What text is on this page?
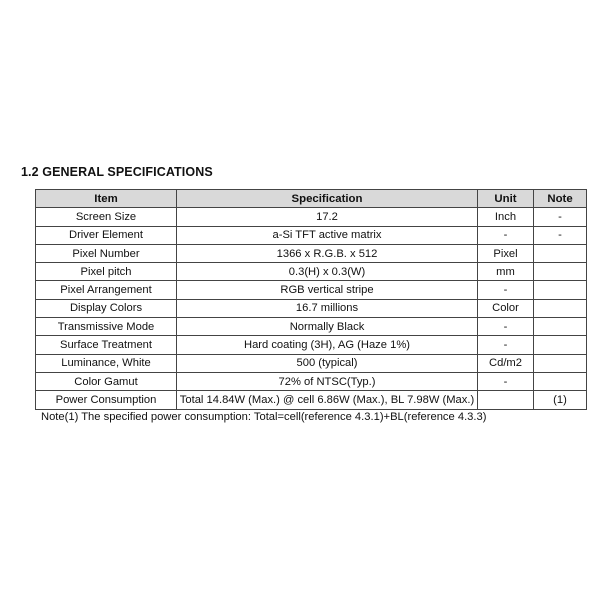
1.2 GENERAL SPECIFICATIONS
Item	Specification	Unit	Note
Screen Size	17.2	Inch	-
Driver Element	a-Si TFT active matrix	-	-
Pixel Number	1366 x R.G.B. x 512	Pixel	
Pixel pitch	0.3(H) x 0.3(W)	mm	
Pixel Arrangement	RGB vertical stripe	-	
Display Colors	16.7 millions	Color	
Transmissive Mode	Normally Black	-	
Surface Treatment	Hard coating (3H), AG (Haze 1%)	-	
Luminance, White	500 (typical)	Cd/m2	
Color Gamut	72% of NTSC(Typ.)	-	
Power Consumption	Total 14.84W (Max.) @ cell 6.86W (Max.), BL 7.98W (Max.)		(1)

Note(1) The specified power consumption: Total=cell(reference 4.3.1)+BL(reference 4.3.3)
